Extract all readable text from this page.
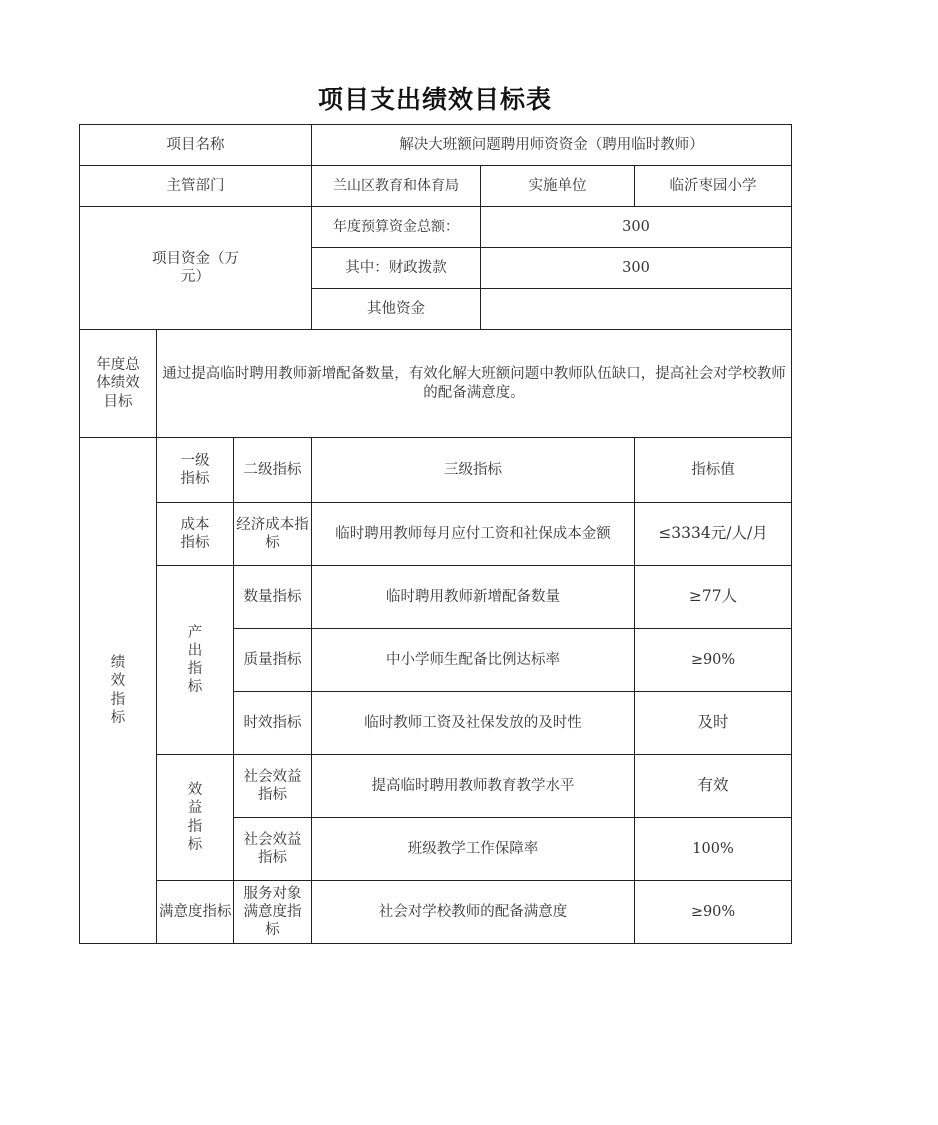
项目支出绩效目标表
项目名称			解决大班额问题聘用师资资金（聘用临时教师）		
主管部门			兰山区教育和体育局	实施单位	临沂枣园小学
项目资金（万元）			年度预算资金总额：	300	
			其中：财政拨款	300	
			其他资金		
年度总体绩效目标	通过提高临时聘用教师新增配备数量，有效化解大班额问题中教师队伍缺口，提高社会对学校教师的配备满意度。				
绩效指标	一级指标	二级指标	三级指标		指标值
	成本指标	经济成本指标	临时聘用教师每月应付工资和社保成本金额		≤3334元/人/月
	产出指标	数量指标	临时聘用教师新增配备数量		≥77人
		质量指标	中小学师生配备比例达标率		≥90%
		时效指标	临时教师工资及社保发放的及时性		及时
	效益指标	社会效益指标	提高临时聘用教师教育教学水平		有效
		社会效益指标	班级教学工作保障率		100%
	满意度指标	服务对象满意度指标	社会对学校教师的配备满意度		≥90%
